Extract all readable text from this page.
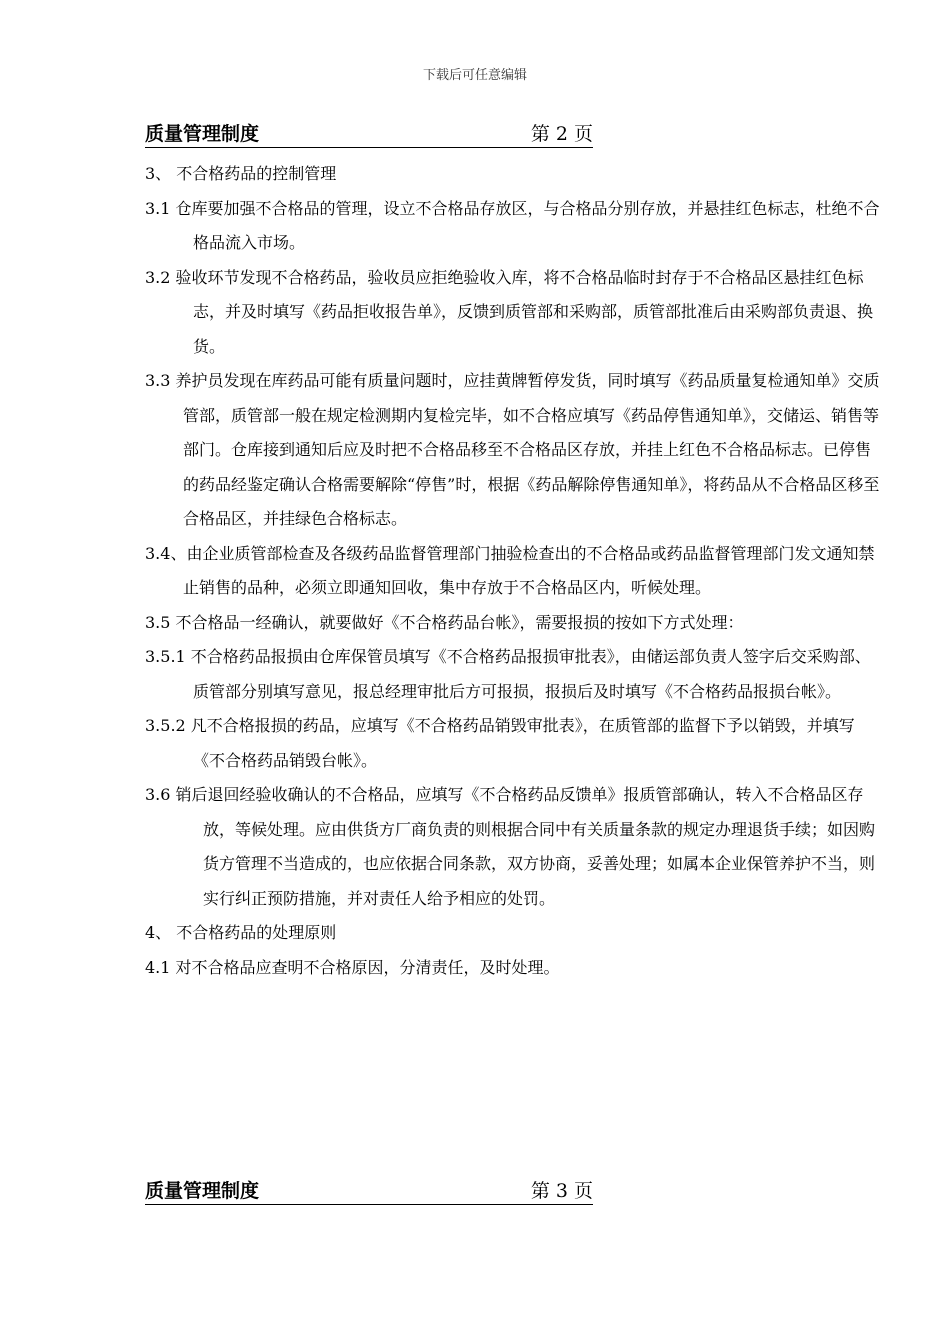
下载后可任意编辑
质量管理制度	第 2 页

3、 不合格药品的控制管理

3.1 仓库要加强不合格品的管理，设立不合格品存放区，与合格品分别存放，并悬挂红色标志，杜绝不合格品流入市场。

3.2 验收环节发现不合格药品，验收员应拒绝验收入库，将不合格品临时封存于不合格品区悬挂红色标志，并及时填写《药品拒收报告单》，反馈到质管部和采购部，质管部批准后由采购部负责退、换货。

3.3 养护员发现在库药品可能有质量问题时，应挂黄牌暂停发货，同时填写《药品质量复检通知单》交质管部，质管部一般在规定检测期内复检完毕，如不合格应填写《药品停售通知单》，交储运、销售等部门。仓库接到通知后应及时把不合格品移至不合格品区存放，并挂上红色不合格品标志。已停售的药品经鉴定确认合格需要解除“停售”时，根据《药品解除停售通知单》，将药品从不合格品区移至合格品区，并挂绿色合格标志。

3.4、由企业质管部检查及各级药品监督管理部门抽验检查出的不合格品或药品监督管理部门发文通知禁止销售的品种，必须立即通知回收，集中存放于不合格品区内，听候处理。

3.5 不合格品一经确认，就要做好《不合格药品台帐》，需要报损的按如下方式处理：

3.5.1 不合格药品报损由仓库保管员填写《不合格药品报损审批表》，由储运部负责人签字后交采购部、质管部分别填写意见，报总经理审批后方可报损，报损后及时填写《不合格药品报损台帐》。

3.5.2 凡不合格报损的药品，应填写《不合格药品销毁审批表》，在质管部的监督下予以销毁，并填写《不合格药品销毁台帐》。

3.6 销后退回经验收确认的不合格品，应填写《不合格药品反馈单》报质管部确认，转入不合格品区存放，等候处理。应由供货方厂商负责的则根据合同中有关质量条款的规定办理退货手续；如因购货方管理不当造成的，也应依据合同条款，双方协商，妥善处理；如属本企业保管养护不当，则实行纠正预防措施，并对责任人给予相应的处罚。

4、 不合格药品的处理原则

4.1 对不合格品应查明不合格原因，分清责任，及时处理。

质量管理制度	第 3 页
